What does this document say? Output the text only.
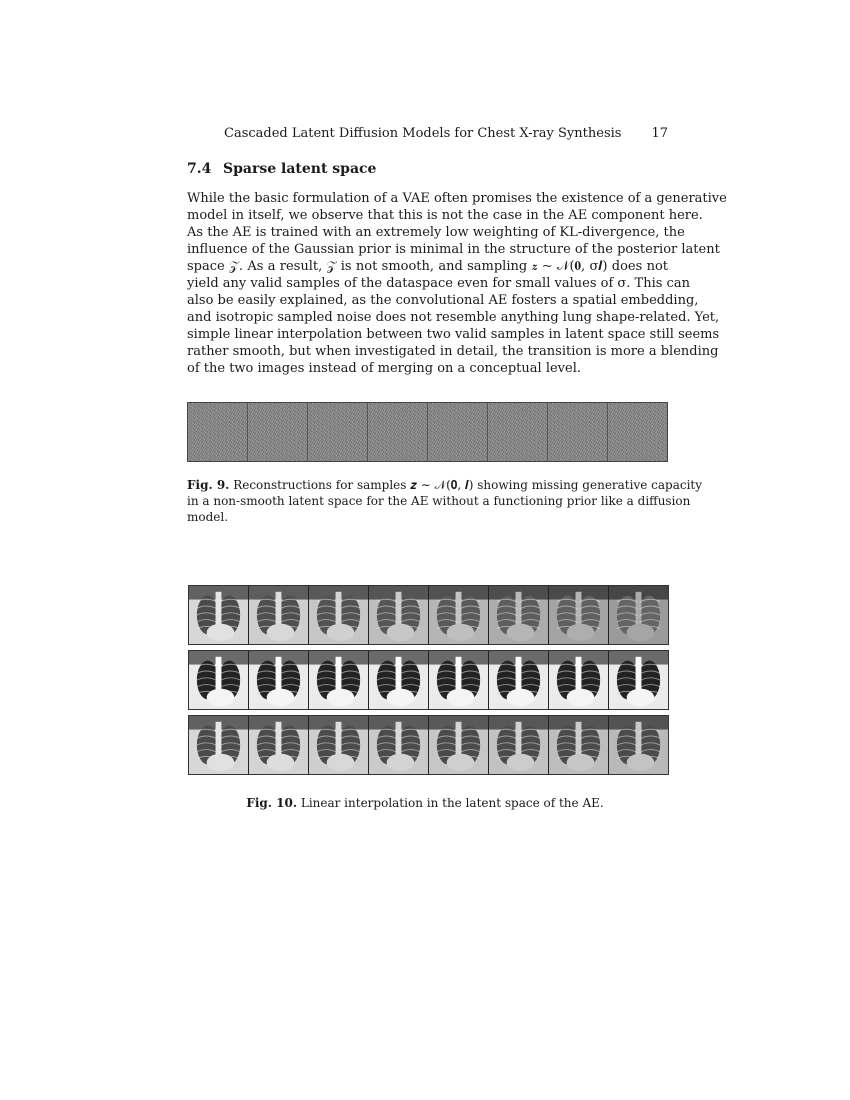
Cascaded Latent Diffusion Models for Chest X-ray Synthesis 17
7.4 Sparse latent space
While the basic formulation of a VAE often promises the existence of a generative
model in itself, we observe that this is not the case in the AE component here.
As the AE is trained with an extremely low weighting of KL-divergence, the
influence of the Gaussian prior is minimal in the structure of the posterior latent
space 𝒵. As a result, 𝒵 is not smooth, and sampling 𝒛 ∼ 𝒩(𝟎, σ𝑰) does not
yield any valid samples of the dataspace even for small values of σ. This can
also be easily explained, as the convolutional AE fosters a spatial embedding,
and isotropic sampled noise does not resemble anything lung shape-related. Yet,
simple linear interpolation between two valid samples in latent space still seems
rather smooth, but when investigated in detail, the transition is more a blending
of the two images instead of merging on a conceptual level.
Fig. 9. Reconstructions for samples 𝒛 ∼ 𝒩(𝟎, 𝑰) showing missing generative capacity
in a non-smooth latent space for the AE without a functioning prior like a diffusion
model.
Fig. 10. Linear interpolation in the latent space of the AE.
